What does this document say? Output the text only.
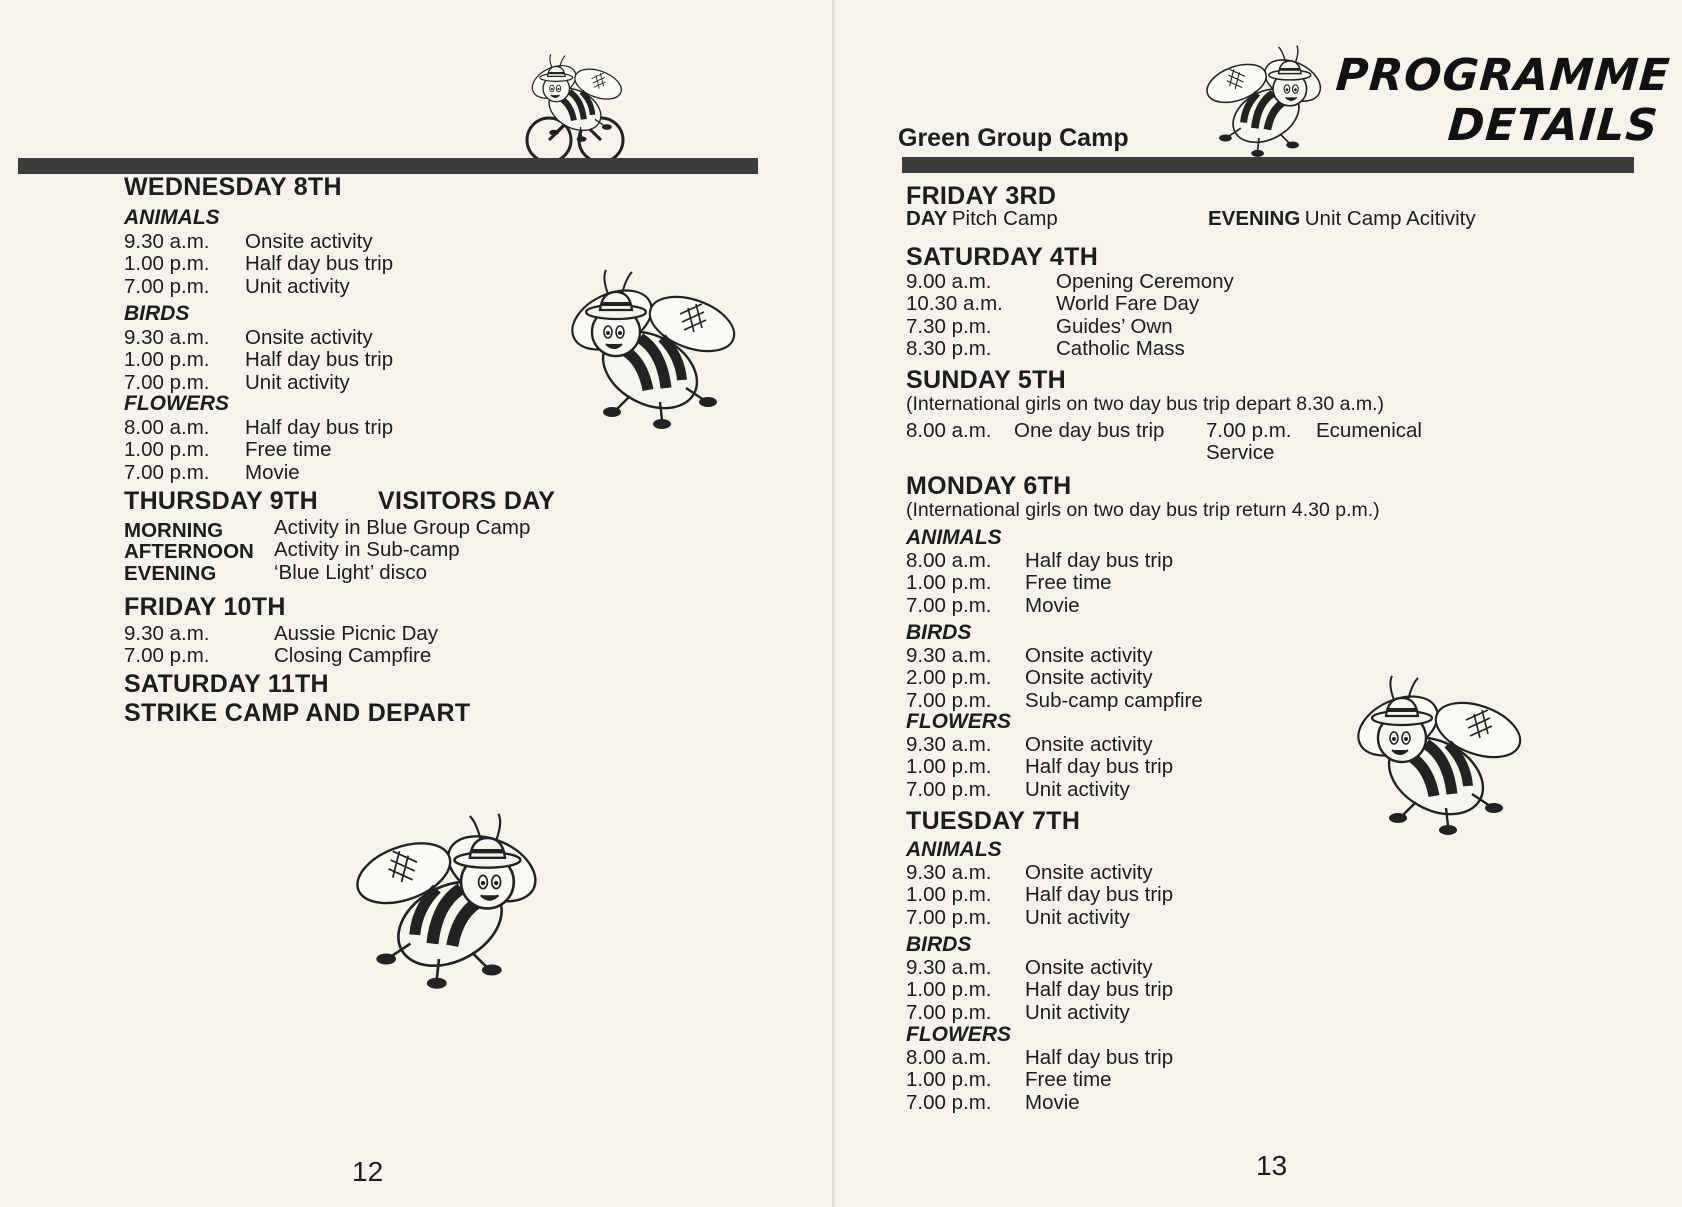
WEDNESDAY 8TH
ANIMALS
9.30 a.m. Onsite activity
1.00 p.m. Half day bus trip
7.00 p.m. Unit activity
BIRDS
9.30 a.m. Onsite activity
1.00 p.m. Half day bus trip
7.00 p.m. Unit activity
FLOWERS
8.00 a.m. Half day bus trip
1.00 p.m. Free time
7.00 p.m. Movie
THURSDAY 9TH VISITORS DAY
MORNING Activity in Blue Group Camp
AFTERNOON Activity in Sub-camp
EVENING	‘Blue Light’ disco
FRIDAY 10TH
9.30 a.m.	Aussie Picnic Day
7.00 p.m.	Closing Campfire
SATURDAY 11TH
STRIKE CAMP AND DEPART
12
PROGRAMME
DETAILS
Green Group Camp
FRIDAY 3RD
DAY Pitch Camp	EVENING Unit Camp Acitivity
SATURDAY 4TH
9.00 a.m.	Opening Ceremony
10.30 a.m.	World Fare Day
7.30 p.m.	Guides’ Own
8.30 p.m.	Catholic Mass
SUNDAY 5TH
(International girls on two day bus trip depart 8.30 a.m.)
8.00 a.m. One day bus trip 7.00 p.m. Ecumenical
Service
MONDAY 6TH
(International girls on two day bus trip return 4.30 p.m.)
ANIMALS
8.00 a.m. Half day bus trip
1.00 p.m. Free time
7.00 p.m. Movie
BIRDS
9.30 a.m. Onsite activity
2.00 p.m. Onsite activity
7.00 p.m. Sub-camp campfire
FLOWERS
9.30 a.m. Onsite activity
1.00 p.m. Half day bus trip
7.00 p.m. Unit activity
TUESDAY 7TH
ANIMALS
9.30 a.m. Onsite activity
1.00 p.m. Half day bus trip
7.00 p.m. Unit activity
BIRDS
9.30 a.m. Onsite activity
1.00 p.m. Half day bus trip
7.00 p.m. Unit activity
FLOWERS
8.00 a.m. Half day bus trip
1.00 p.m. Free time
7.00 p.m. Movie
13
